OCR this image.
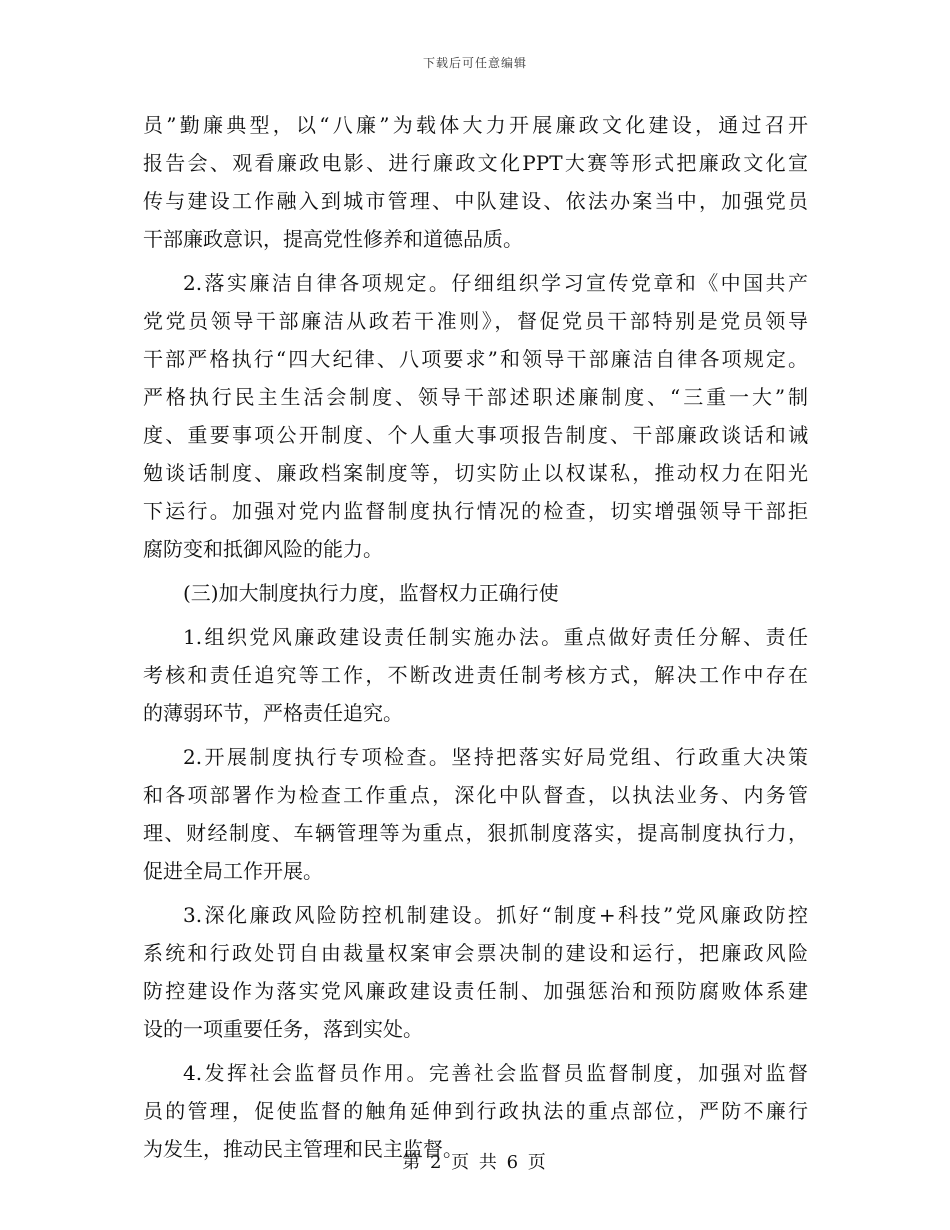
下载后可任意编辑
员”勤廉典型，以“八廉”为载体大力开展廉政文化建设，通过召开
报告会、观看廉政电影、进行廉政文化PPT大赛等形式把廉政文化宣
传与建设工作融入到城市管理、中队建设、依法办案当中，加强党员
干部廉政意识，提高党性修养和道德品质。
2.落实廉洁自律各项规定。仔细组织学习宣传党章和《中国共产
党党员领导干部廉洁从政若干准则》，督促党员干部特别是党员领导
干部严格执行“四大纪律、八项要求”和领导干部廉洁自律各项规定。
严格执行民主生活会制度、领导干部述职述廉制度、“三重一大”制
度、重要事项公开制度、个人重大事项报告制度、干部廉政谈话和诫
勉谈话制度、廉政档案制度等，切实防止以权谋私，推动权力在阳光
下运行。加强对党内监督制度执行情况的检查，切实增强领导干部拒
腐防变和抵御风险的能力。
(三)加大制度执行力度，监督权力正确行使
1.组织党风廉政建设责任制实施办法。重点做好责任分解、责任
考核和责任追究等工作，不断改进责任制考核方式，解决工作中存在
的薄弱环节，严格责任追究。
2.开展制度执行专项检查。坚持把落实好局党组、行政重大决策
和各项部署作为检查工作重点，深化中队督查，以执法业务、内务管
理、财经制度、车辆管理等为重点，狠抓制度落实，提高制度执行力，
促进全局工作开展。
3.深化廉政风险防控机制建设。抓好“制度+科技”党风廉政防控
系统和行政处罚自由裁量权案审会票决制的建设和运行，把廉政风险
防控建设作为落实党风廉政建设责任制、加强惩治和预防腐败体系建
设的一项重要任务，落到实处。
4.发挥社会监督员作用。完善社会监督员监督制度，加强对监督
员的管理，促使监督的触角延伸到行政执法的重点部位，严防不廉行
为发生，推动民主管理和民主监督。
第 2 页 共 6 页
